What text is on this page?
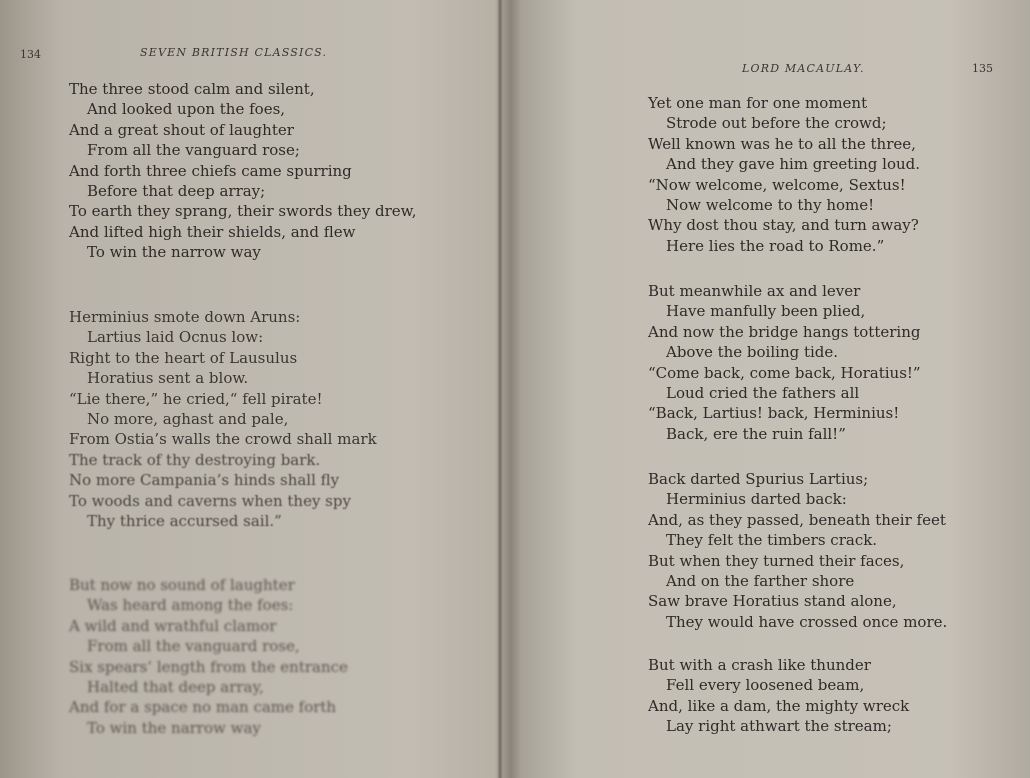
134	SEVEN BRITISH CLASSICS.
The three stood calm and silent,
And looked upon the foes,
And a great shout of laughter
From all the vanguard rose;
And forth three chiefs came spurring
Before that deep array;
To earth they sprang, their swords they drew,
And lifted high their shields, and flew
To win the narrow way
Herminius smote down Aruns:
Lartius laid Ocnus low:
Right to the heart of Lausulus
Horatius sent a blow.
“Lie there,” he cried,“ fell pirate!
No more, aghast and pale,
From Ostia’s walls the crowd shall mark
The track of thy destroying bark.
No more Campania’s hinds shall fly
To woods and caverns when they spy
Thy thrice accursed sail.”
But now no sound of laughter
Was heard among the foes:
A wild and wrathful clamor
From all the vanguard rose,
Six spears’ length from the entrance
Halted that deep array,
And for a space no man came forth
To win the narrow way
LORD MACAULAY.	135
Yet one man for one moment
Strode out before the crowd;
Well known was he to all the three,
And they gave him greeting loud.
“Now welcome, welcome, Sextus!
Now welcome to thy home!
Why dost thou stay, and turn away?
Here lies the road to Rome.”
But meanwhile ax and lever
Have manfully been plied,
And now the bridge hangs tottering
Above the boiling tide.
“Come back, come back, Horatius!”
Loud cried the fathers all
“Back, Lartius! back, Herminius!
Back, ere the ruin fall!”
Back darted Spurius Lartius;
Herminius darted back:
And, as they passed, beneath their feet
They felt the timbers crack.
But when they turned their faces,
And on the farther shore
Saw brave Horatius stand alone,
They would have crossed once more.
But with a crash like thunder
Fell every loosened beam,
And, like a dam, the mighty wreck
Lay right athwart the stream;
